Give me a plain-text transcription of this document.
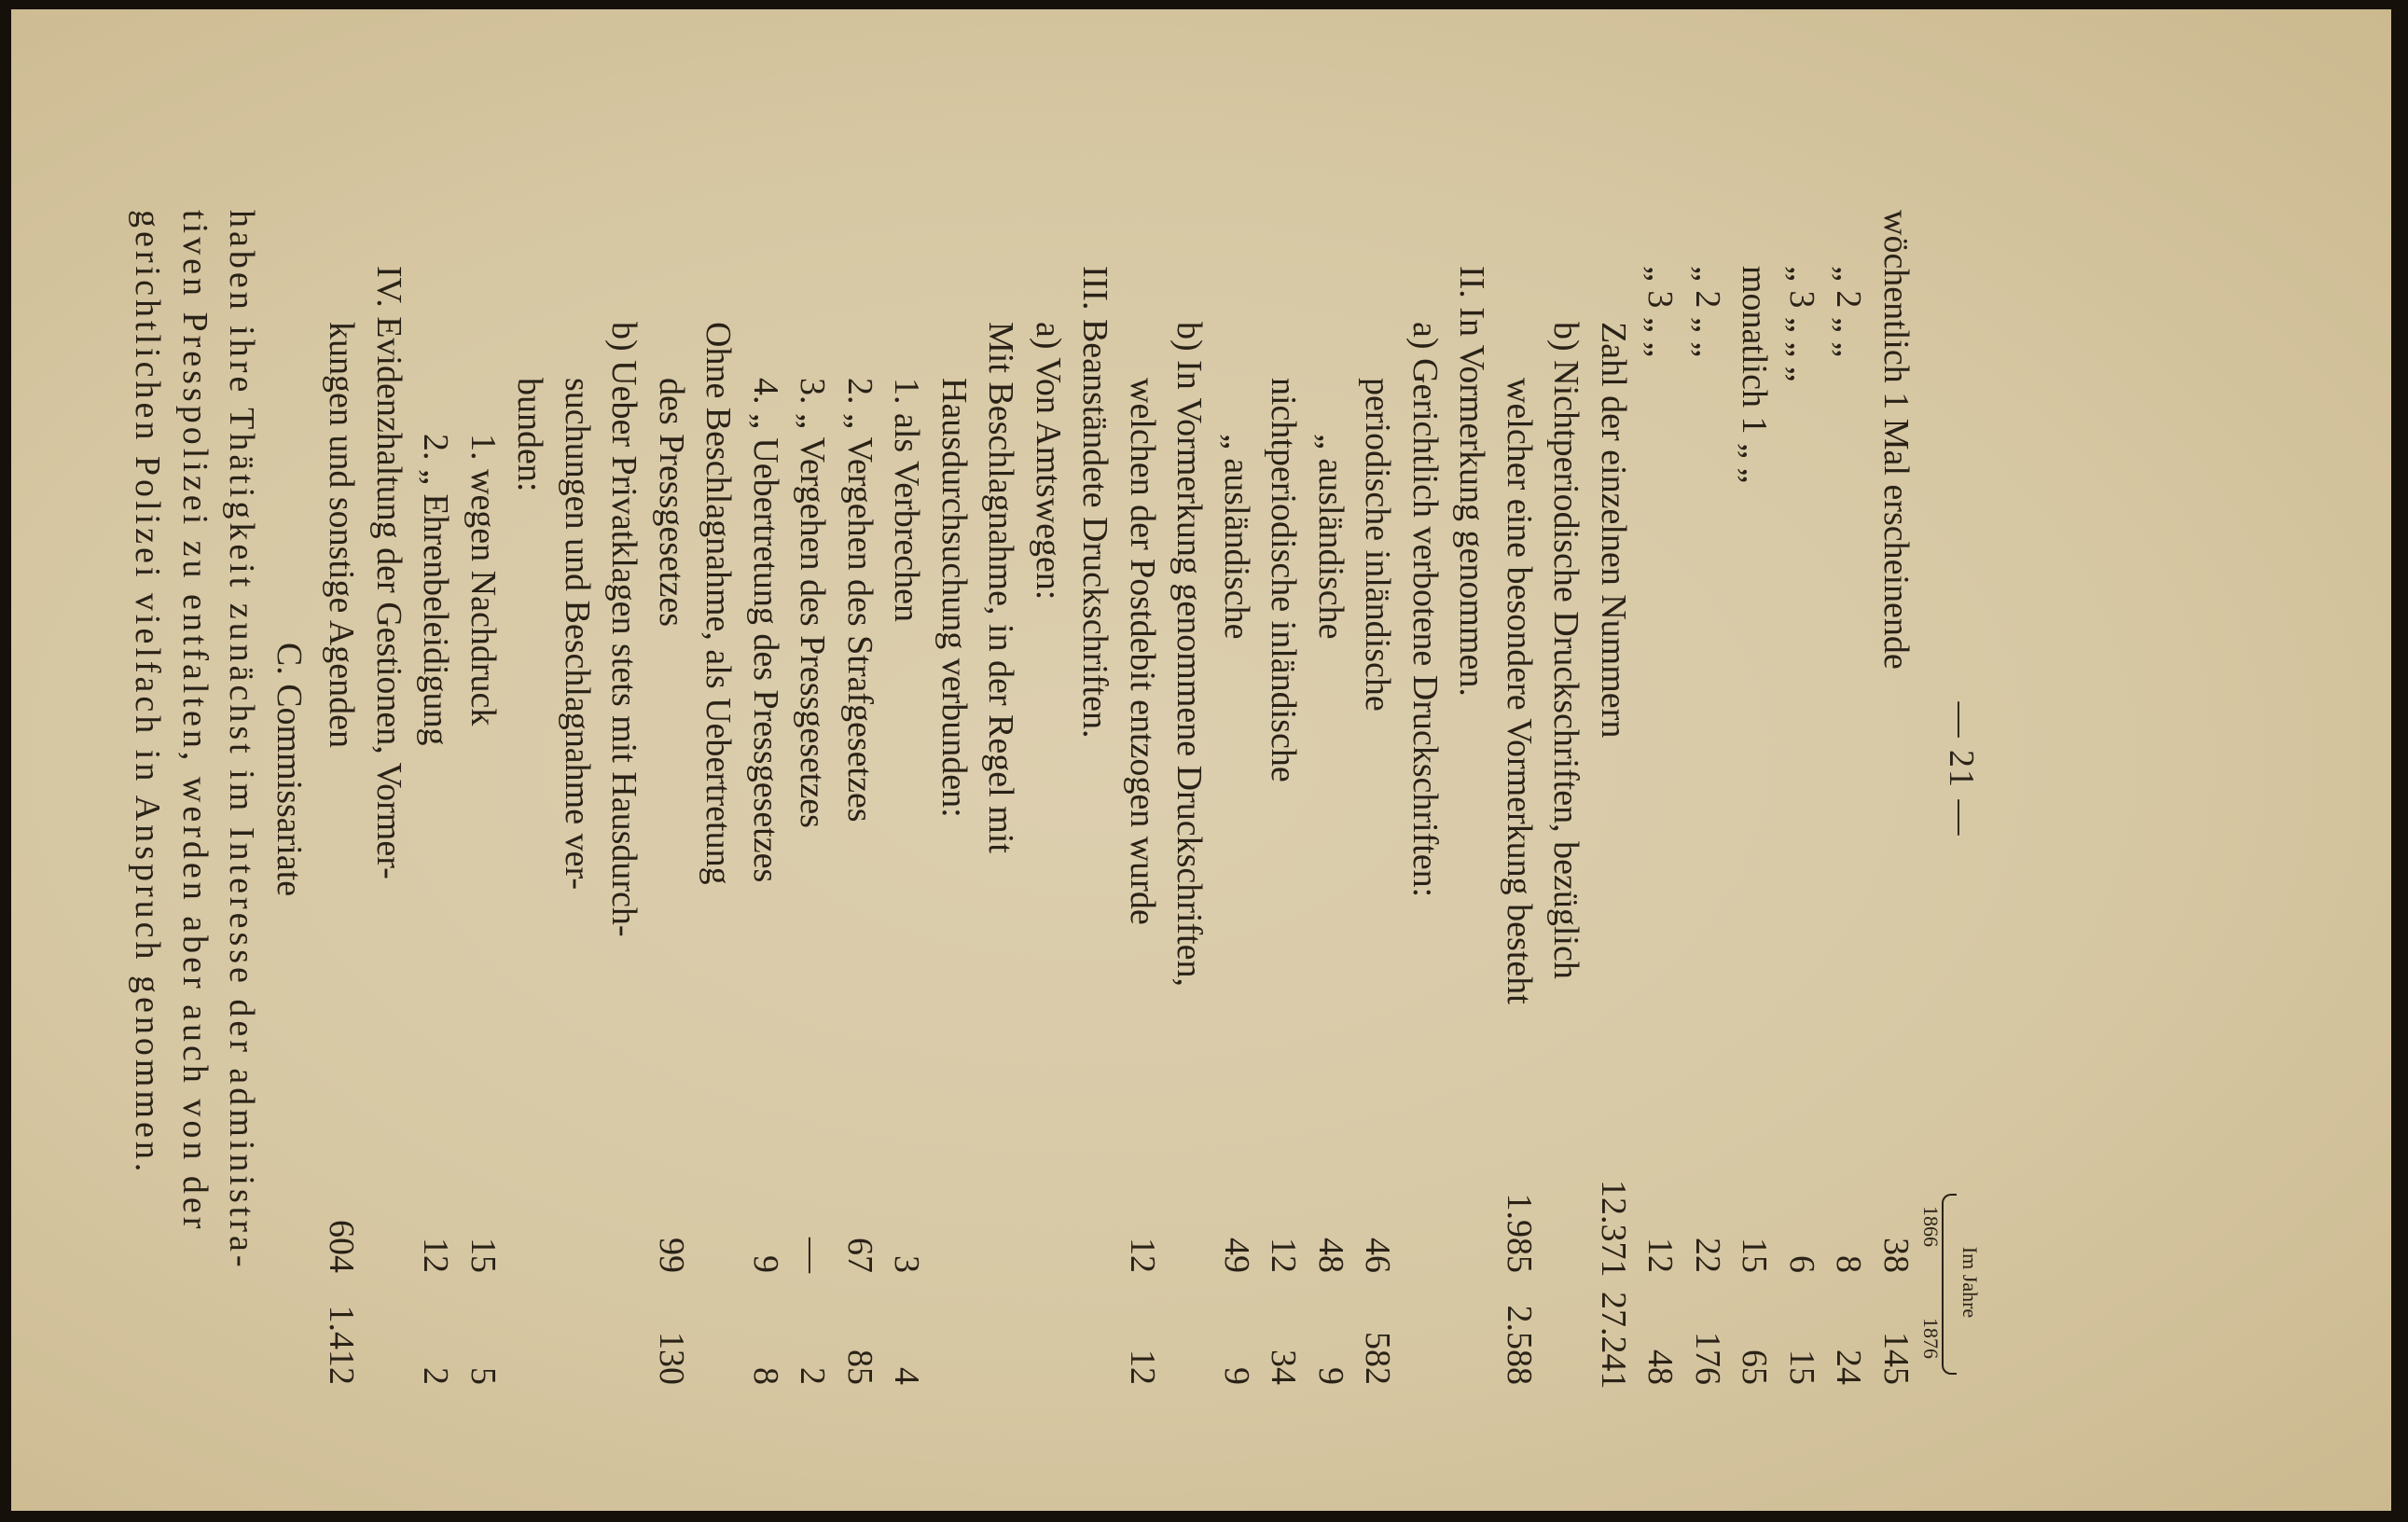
— 21 —
Im Jahre
1866
1876
wöchentlich 1 Mal erscheinende
38
145
„ 2 „ „
8
24
„ 3 „ „ „
6
15
monatlich 1 „ „
15
65
„ 2 „ „
22
176
„ 3 „ „
12
48
Zahl der einzelnen Nummern
12.371
27.241
b) Nichtperiodische Druckschriften, bezüglich
welcher eine besondere Vormerkung besteht
1.985
2.588
II. In Vormerkung genommen.
a) Gerichtlich verbotene Druckschriften:
periodische inländische
46
582
„ ausländische
48
9
nichtperiodische inländische
12
34
„ ausländische
49
9
b) In Vormerkung genommene Druckschriften,
welchen der Postdebit entzogen wurde
12
12
III. Beanständete Druckschriften.
a) Von Amtswegen:
Mit Beschlagnahme, in der Regel mit
Hausdurchsuchung verbunden:
1. als Verbrechen
3
4
2. „ Vergehen des Strafgesetzes
67
85
3. „ Vergehen des Pressgesetzes
—
2
4. „ Uebertretung des Pressgesetzes
9
8
Ohne Beschlagnahme, als Uebertretung
des Pressgesetzes
99
130
b) Ueber Privatklagen stets mit Hausdurch-
suchungen und Beschlagnahme ver-
bunden:
1. wegen Nachdruck
15
5
2. „ Ehrenbeleidigung
12
2
IV. Evidenzhaltung der Gestionen, Vormer-
kungen und sonstige Agenden
604
1.412
C. Commissariate
haben ihre Thätigkeit zunächst im Interesse der administra-
tiven Presspolizei zu entfalten, werden aber auch von der
gerichtlichen Polizei vielfach in Anspruch genommen.
